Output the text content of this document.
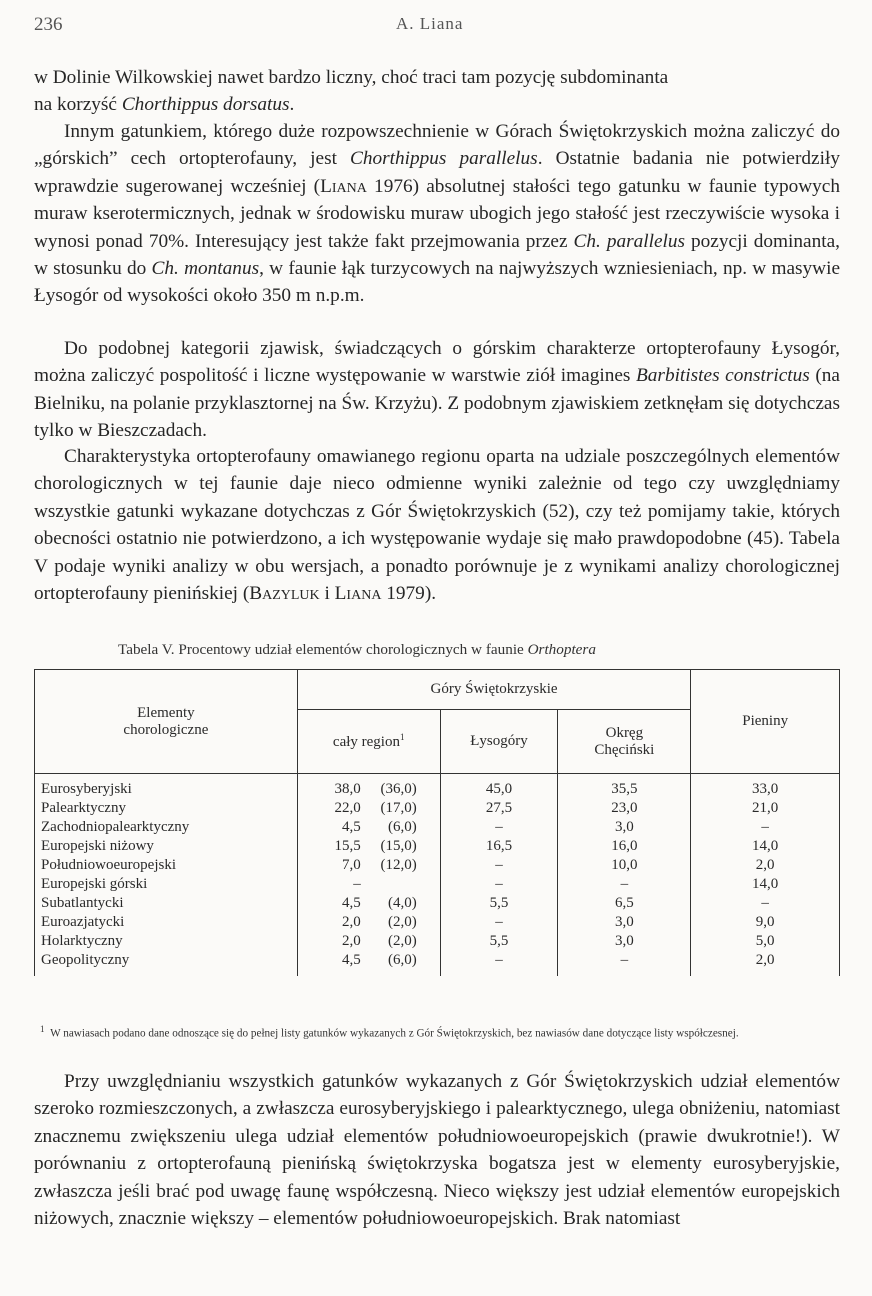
236	A. Liana

w Dolinie Wilkowskiej nawet bardzo liczny, choć traci tam pozycję subdominanta
na korzyść Chorthippus dorsatus.

Innym gatunkiem, którego duże rozpowszechnienie w Górach Świętokrzyskich można zaliczyć do „górskich” cech ortopterofauny, jest Chorthippus parallelus. Ostatnie badania nie potwierdziły wprawdzie sugerowanej wcześniej (Liana 1976) absolutnej stałości tego gatunku w faunie typowych muraw kserotermicznych, jednak w środowisku muraw ubogich jego stałość jest rzeczywiście wysoka i wynosi ponad 70%. Interesujący jest także fakt przejmowania przez Ch. parallelus pozycji dominanta, w stosunku do Ch. montanus, w faunie łąk turzycowych na najwyższych wzniesieniach, np. w masywie Łysogór od wysokości około 350 m n.p.m.

Do podobnej kategorii zjawisk, świadczących o górskim charakterze ortopterofauny Łysogór, można zaliczyć pospolitość i liczne występowanie w warstwie ziół imagines Barbitistes constrictus (na Bielniku, na polanie przyklasztornej na Św. Krzyżu). Z podobnym zjawiskiem zetknęłam się dotychczas tylko w Bieszczadach.

Charakterystyka ortopterofauny omawianego regionu oparta na udziale poszczególnych elementów chorologicznych w tej faunie daje nieco odmienne wyniki zależnie od tego czy uwzględniamy wszystkie gatunki wykazane dotychczas z Gór Świętokrzyskich (52), czy też pomijamy takie, których obecności ostatnio nie potwierdzono, a ich występowanie wydaje się mało prawdopodobne (45). Tabela V podaje wyniki analizy w obu wersjach, a ponadto porównuje je z wynikami analizy chorologicznej ortopterofauny pienińskiej (Bazyluk i Liana 1979).

Tabela V. Procentowy udział elementów chorologicznych w faunie Orthoptera
Elementy chorologiczne	Góry Świętokrzyskie			Pieniny
	cały region$^1$	Łysogóry	Okręg Chęciński	
Eurosyberyjski	38,0 (36,0)	45,0	35,5	33,0
Palearktyczny	22,0 (17,0)	27,5	23,0	21,0
Zachodniopalearktyczny	4,5 (6,0)	–	3,0	–
Europejski niżowy	15,5 (15,0)	16,5	16,0	14,0
Południowoeuropejski	7,0 (12,0)	–	10,0	2,0
Europejski górski	–	–	–	14,0
Subatlantycki	4,5 (4,0)	5,5	6,5	–
Euroazjatycki	2,0 (2,0)	–	3,0	9,0
Holarktyczny	2,0 (2,0)	5,5	3,0	5,0
Geopolityczny	4,5 (6,0)	–	–	2,0
$^1$ W nawiasach podano dane odnoszące się do pełnej listy gatunków wykazanych z Gór Świętokrzyskich, bez nawiasów dane dotyczące listy współczesnej.

Przy uwzględnianiu wszystkich gatunków wykazanych z Gór Świętokrzyskich udział elementów szeroko rozmieszczonych, a zwłaszcza eurosyberyjskiego i palearktycznego, ulega obniżeniu, natomiast znacznemu zwiększeniu ulega udział elementów południowoeuropejskich (prawie dwukrotnie!). W porównaniu z ortopterofauną pienińską świętokrzyska bogatsza jest w elementy eurosyberyjskie, zwłaszcza jeśli brać pod uwagę faunę współczesną. Nieco większy jest udział elementów europejskich niżowych, znacznie większy – elementów południowoeuropejskich. Brak natomiast
